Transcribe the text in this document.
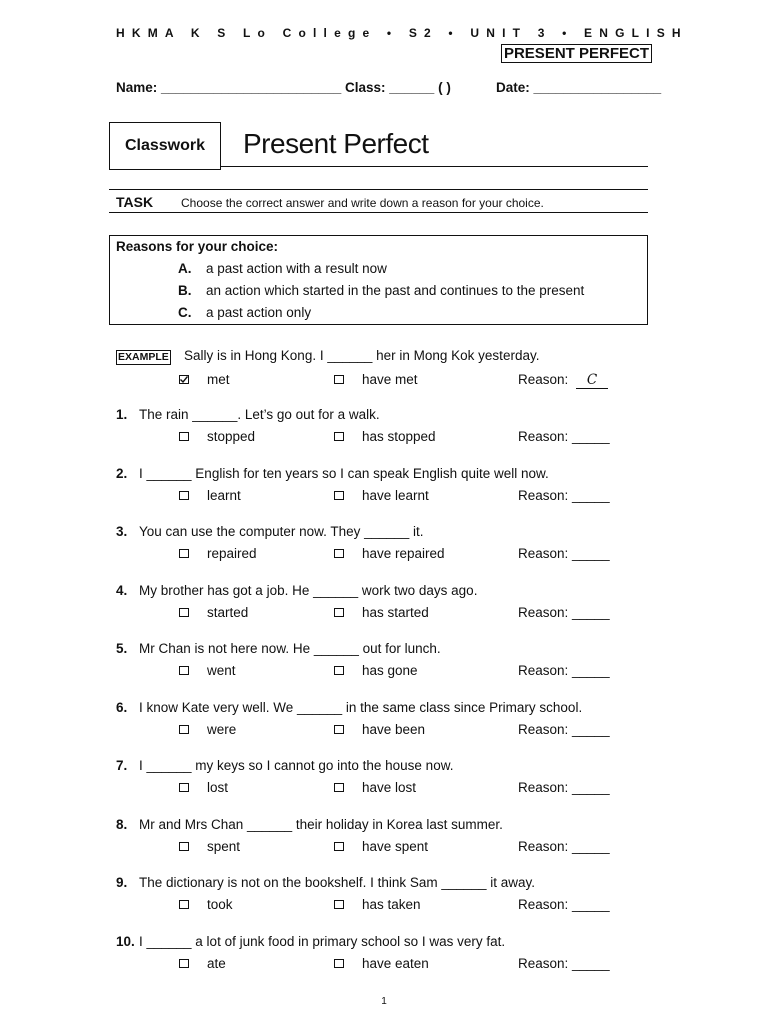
HKMA K S Lo College • S2 • UNIT 3 • ENGLISH
PRESENT PERFECT
Name: ________________________ Class: ______ ( )	Date: _________________
Classwork Present Perfect
TASK Choose the correct answer and write down a reason for your choice.
Reasons for your choice:
A. a past action with a result now
B. an action which started in the past and continues to the present
C. a past action only
EXAMPLE Sally is in Hong Kong. I ______ her in Mong Kok yesterday.
met	have met	Reason: C
1. The rain ______. Let’s go out for a walk.
stopped	has stopped	Reason: _____
2. I ______ English for ten years so I can speak English quite well now.
learnt	have learnt	Reason: _____
3. You can use the computer now. They ______ it.
repaired	have repaired	Reason: _____
4. My brother has got a job. He ______ work two days ago.
started	has started	Reason: _____
5. Mr Chan is not here now. He ______ out for lunch.
went	has gone	Reason: _____
6. I know Kate very well. We ______ in the same class since Primary school.
were	have been	Reason: _____
7. I ______ my keys so I cannot go into the house now.
lost	have lost	Reason: _____
8. Mr and Mrs Chan ______ their holiday in Korea last summer.
spent	have spent	Reason: _____
9. The dictionary is not on the bookshelf. I think Sam ______ it away.
took	has taken	Reason: _____
10. I ______ a lot of junk food in primary school so I was very fat.
ate	have eaten	Reason: _____
1
